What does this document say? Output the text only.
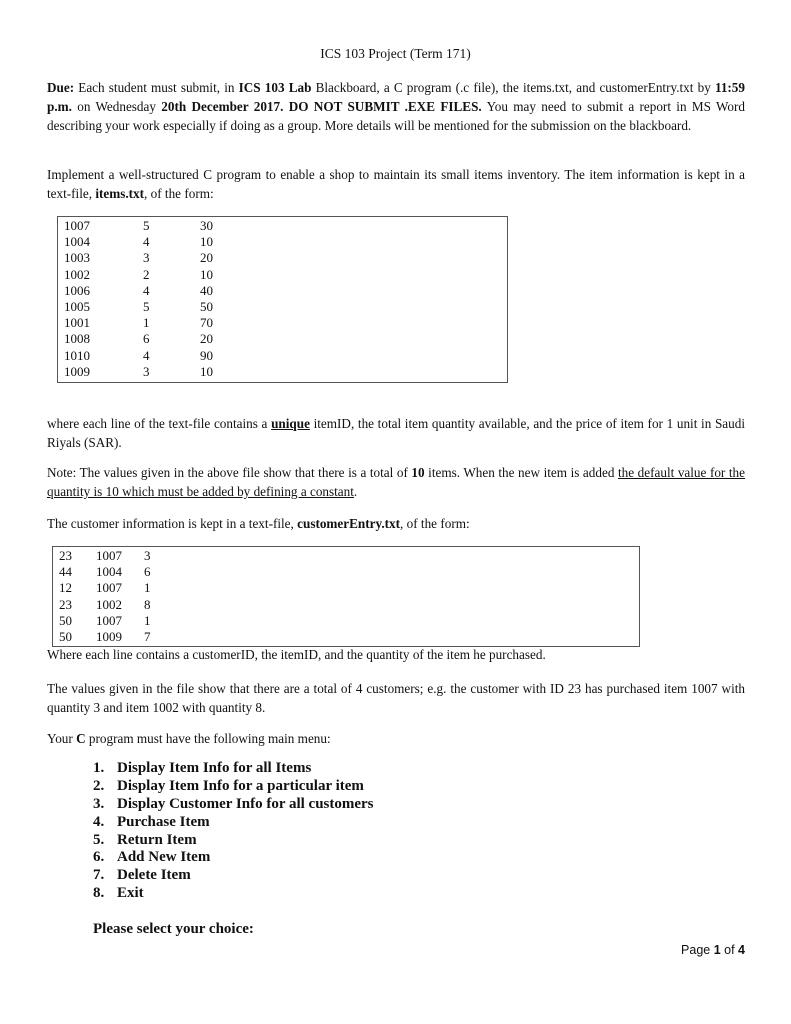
ICS 103 Project (Term 171)

Due: Each student must submit, in ICS 103 Lab Blackboard, a C program (.c file), the items.txt, and customerEntry.txt by 11:59 p.m. on Wednesday 20th December 2017. DO NOT SUBMIT .EXE FILES. You may need to submit a report in MS Word describing your work especially if doing as a group. More details will be mentioned for the submission on the blackboard.

Implement a well-structured C program to enable a shop to maintain its small items inventory. The item information is kept in a text-file, items.txt, of the form:

1007	5	30
1004	4	10
1003	3	20
1002	2	10
1006	4	40
1005	5	50
1001	1	70
1008	6	20
1010	4	90
1009	3	10

where each line of the text-file contains a unique itemID, the total item quantity available, and the price of item for 1 unit in Saudi Riyals (SAR).

Note: The values given in the above file show that there is a total of 10 items. When the new item is added the default value for the quantity is 10 which must be added by defining a constant.

The customer information is kept in a text-file, customerEntry.txt, of the form:

23 1007 3
44 1004 6
12 1007 1
23 1002 8
50 1007 1
50 1009 7

Where each line contains a customerID, the itemID, and the quantity of the item he purchased.

The values given in the file show that there are a total of 4 customers; e.g. the customer with ID 23 has purchased item 1007 with quantity 3 and item 1002 with quantity 8.

Your C program must have the following main menu:

1. Display Item Info for all Items
2. Display Item Info for a particular item
3. Display Customer Info for all customers
4. Purchase Item
5. Return Item
6. Add New Item
7. Delete Item
8. Exit
Please select your choice:
Page 1 of 4
